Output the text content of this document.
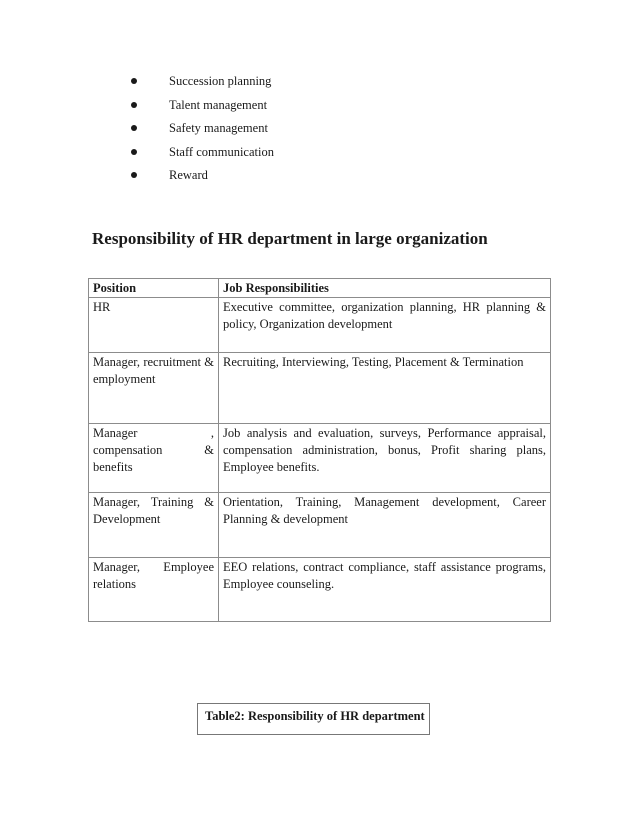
Succession planning
Talent management
Safety management
Staff communication
Reward
Responsibility of HR department in large organization
Position	Job Responsibilities
HR	Executive committee, organization planning, HR planning & policy, Organization development
Manager, recruitment & employment	Recruiting, Interviewing, Testing, Placement & Termination
Manager , compensation & benefits	Job analysis and evaluation, surveys, Performance appraisal, compensation administration, bonus, Profit sharing plans, Employee benefits.
Manager, Training & Development	Orientation, Training, Management development, Career Planning & development
Manager, Employee relations	EEO relations, contract compliance, staff assistance programs, Employee counseling.
Table2: Responsibility of HR department
